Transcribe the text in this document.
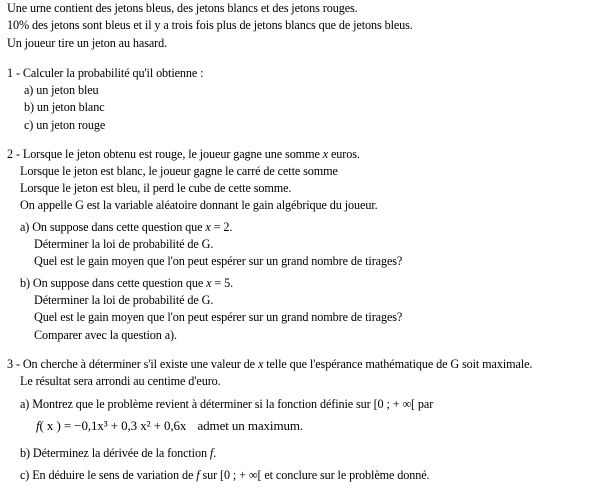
Une urne contient des jetons bleus, des jetons blancs et des jetons rouges.
10% des jetons sont bleus et il y a trois fois plus de jetons blancs que de jetons bleus.
Un joueur tire un jeton au hasard.
1 - Calculer la probabilité qu'il obtienne :
a) un jeton bleu
b) un jeton blanc
c) un jeton rouge
2 - Lorsque le jeton obtenu est rouge, le joueur gagne une somme x euros.
Lorsque le jeton est blanc, le joueur gagne le carré de cette somme
Lorsque le jeton est bleu, il perd le cube de cette somme.
On appelle G est la variable aléatoire donnant le gain algébrique du joueur.
a) On suppose dans cette question que x = 2.
Déterminer la loi de probabilité de G.
Quel est le gain moyen que l'on peut espérer sur un grand nombre de tirages?
b) On suppose dans cette question que x = 5.
Déterminer la loi de probabilité de G.
Quel est le gain moyen que l'on peut espérer sur un grand nombre de tirages?
Comparer avec la question a).
3 - On cherche à déterminer s'il existe une valeur de x telle que l'espérance mathématique de G soit maximale.
Le résultat sera arrondi au centime d'euro.
a) Montrez que le problème revient à déterminer si la fonction définie sur [0 ; + ∞[ par
f( x ) = −0,1x³ + 0,3 x² + 0,6x admet un maximum.
b) Déterminez la dérivée de la fonction f.
c) En déduire le sens de variation de f sur [0 ; + ∞[ et conclure sur le problème donné.
